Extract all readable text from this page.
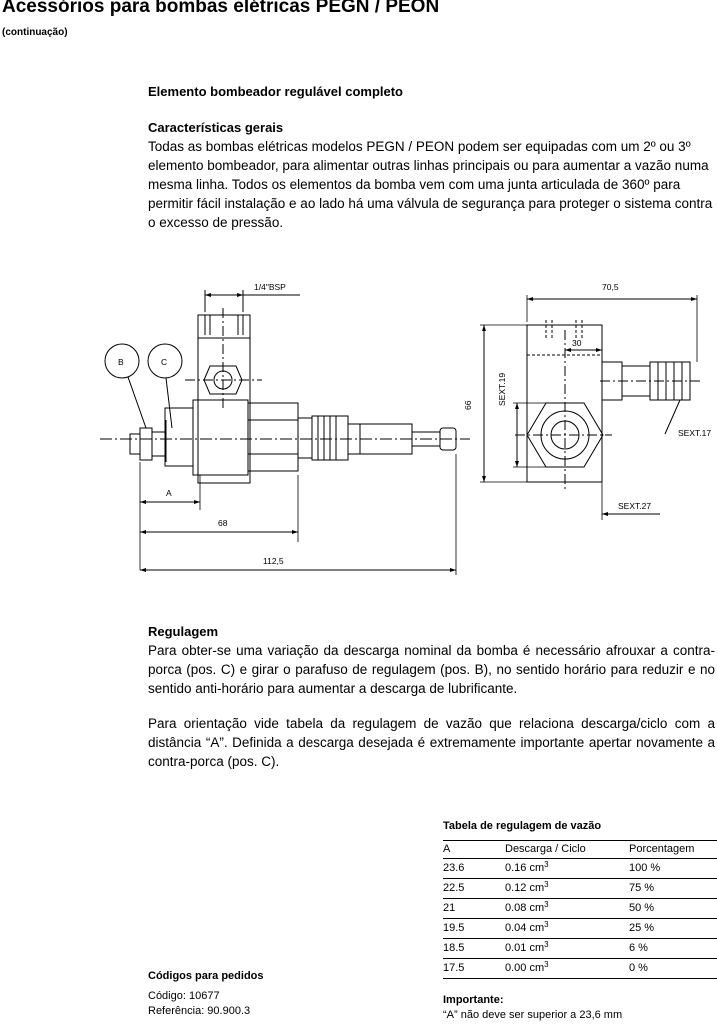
Acessórios para bombas elétricas PEGN / PEON
(continuação)
Elemento bombeador regulável completo
Características gerais
Todas as bombas elétricas modelos PEGN / PEON podem ser equipadas com um 2º ou 3º elemento bombeador, para alimentar outras linhas principais ou para aumentar a vazão numa mesma linha. Todos os elementos da bomba vem com uma junta articulada de 360º para permitir fácil instalação e ao lado há uma válvula de segurança para proteger o sistema contra o excesso de pressão.
1/4"BSP
B	C
A
68
112,5
70,5
30
66	SEXT.19
SEXT.17
SEXT.27
Regulagem
Para obter-se uma variação da descarga nominal da bomba é necessário afrouxar a contra-porca (pos. C) e girar o parafuso de regulagem (pos. B), no sentido horário para reduzir e no sentido anti-horário para aumentar a descarga de lubrificante.
Para orientação vide tabela da regulagem de vazão que relaciona descarga/ciclo com a distância “A”. Definida a descarga desejada é extremamente importante apertar novamente a contra-porca (pos. C).
Tabela de regulagem de vazão
A	Descarga / Ciclo	Porcentagem
23.6	0.16 $cm^3$	100 %
22.5	0.12 $cm^3$	75 %
21	0.08 $cm^3$	50 %
19.5	0.04 $cm^3$	25 %
18.5	0.01 $cm^3$	6 %
17.5	0.00 $cm^3$	0 %
Importante:
“A” não deve ser superior a 23,6 mm
Códigos para pedidos
Código: 10677
Referência: 90.900.3
